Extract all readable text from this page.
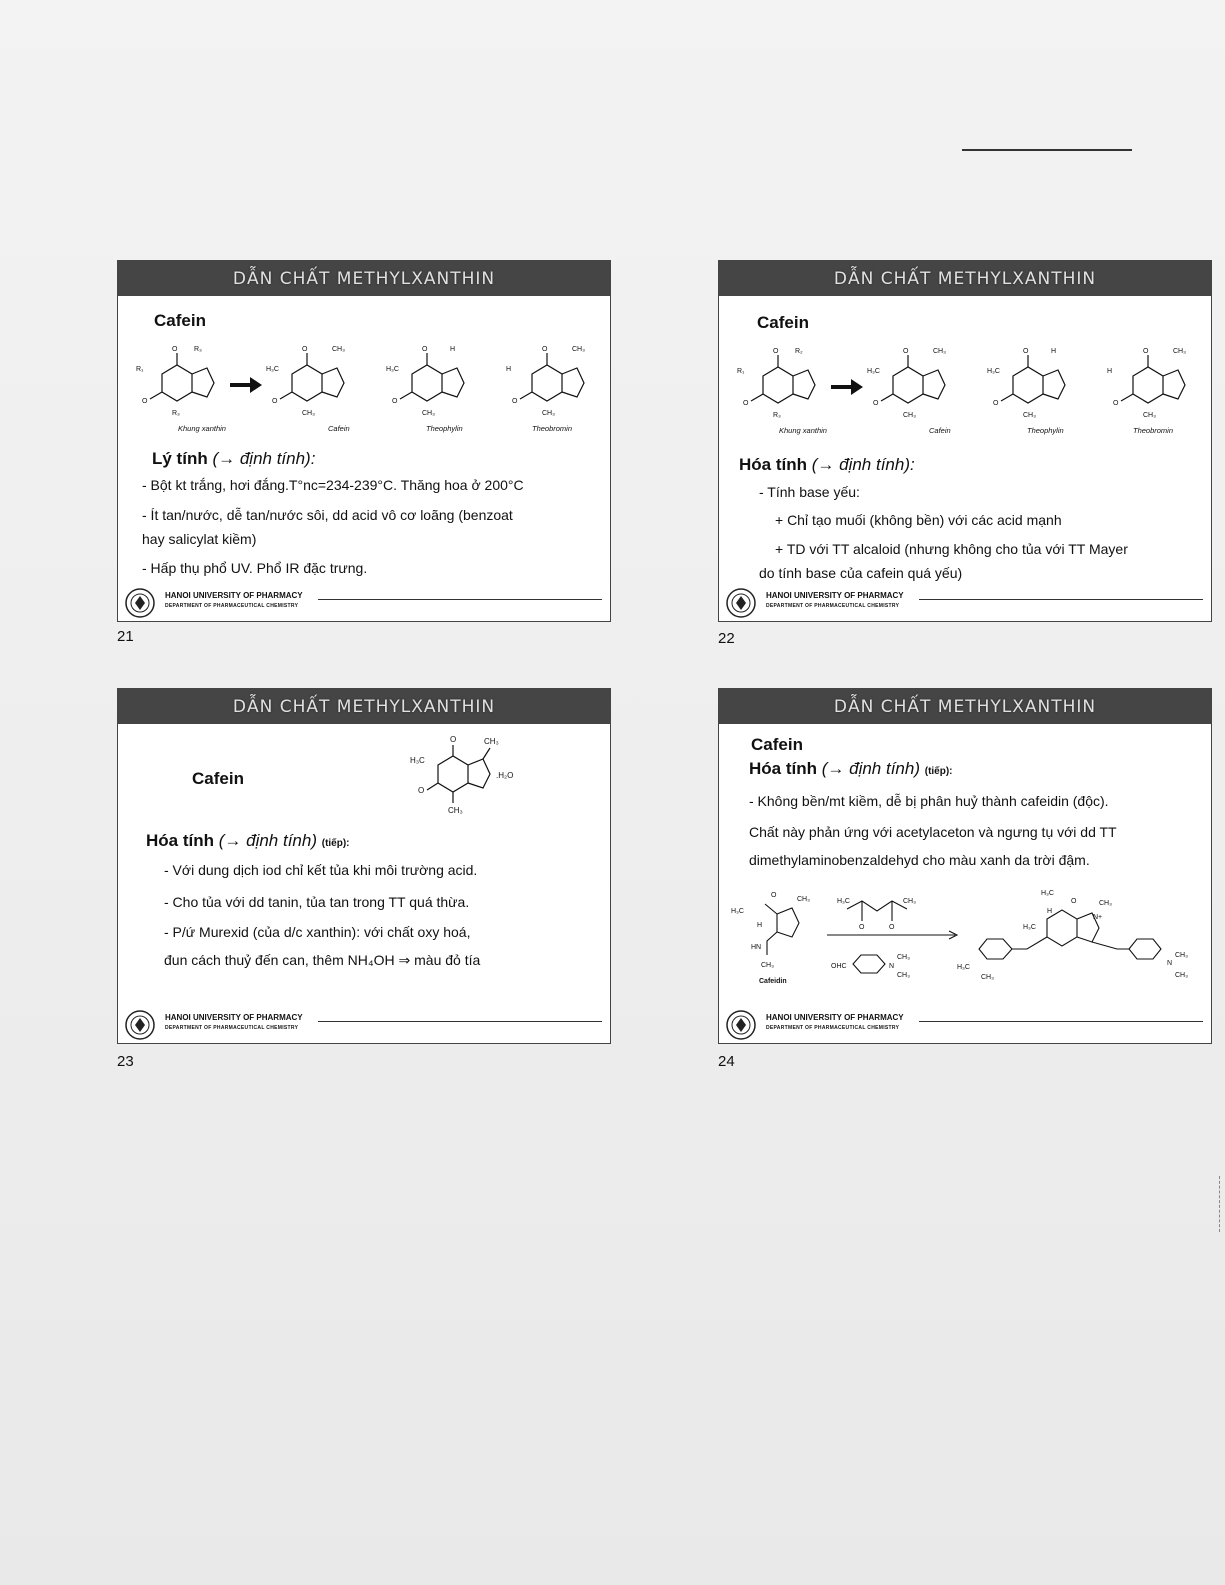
DẪN CHẤT METHYLXANTHIN
Cafein
R₁
O R₃
O
R₃
H₃C
O	CH₃
O
CH₃
H₃C
O	H
O
CH₃
H
O	CH₃
O
CH₃
Khung xanthin	Cafein	Theophylin	Theobromin
Lý tính (→ định tính):
- Bột kt trắng, hơi đắng.T°nc=234-239°C. Thăng hoa ở 200°C
- Ít tan/nước, dễ tan/nước sôi, dd acid vô cơ loãng (benzoat
hay salicylat kiềm)
- Hấp thụ phổ UV. Phổ IR đặc trưng.
HANOI UNIVERSITY OF PHARMACY
DEPARTMENT OF PHARMACEUTICAL CHEMISTRY
21
DẪN CHẤT METHYLXANTHIN
Cafein
R₁
O R₂
O
R₃
H₃C
O	CH₃
O
CH₃
H₃C
O	H
O
CH₃
H
O	CH₃
O
CH₃
Khung xanthin	Cafein	Theophylin	Theobromin
Hóa tính (→ định tính):
- Tính base yếu:
+ Chỉ tạo muối (không bền) với các acid mạnh
+ TD với TT alcaloid (nhưng không cho tủa với TT Mayer
do tính base của cafein quá yếu)
HANOI UNIVERSITY OF PHARMACY
DEPARTMENT OF PHARMACEUTICAL CHEMISTRY
22
DẪN CHẤT METHYLXANTHIN
Cafein
H₃C
O	CH₃
O
CH₃
.H₂O
Hóa tính (→ định tính) (tiếp):
- Với dung dịch iod chỉ kết tủa khi môi trường acid.
- Cho tủa với dd tanin, tủa tan trong TT quá thừa.
- P/ứ Murexid (của d/c xanthin): với chất oxy hoá,
đun cách thuỷ đến can, thêm NH₄OH ⇒ màu đỏ tía
HANOI UNIVERSITY OF PHARMACY
DEPARTMENT OF PHARMACEUTICAL CHEMISTRY
23
DẪN CHẤT METHYLXANTHIN
Cafein
Hóa tính (→ định tính) (tiếp):
- Không bền/mt kiềm, dễ bị phân huỷ thành cafeidin (độc).
Chất này phản ứng với acetylaceton và ngưng tụ với dd TT
dimethylaminobenzaldehyd cho màu xanh da trời đậm.
H₃C
O
CH₃
H
HN
CH₃
H₃C	CH₃
O	O
OHC	N
CH₃
CH₃
H₃C
O	CH₃
H
H₃C
N+
H₃C
CH₃
N
CH₃
CH₃
Cafeidin
HANOI UNIVERSITY OF PHARMACY
DEPARTMENT OF PHARMACEUTICAL CHEMISTRY
24
